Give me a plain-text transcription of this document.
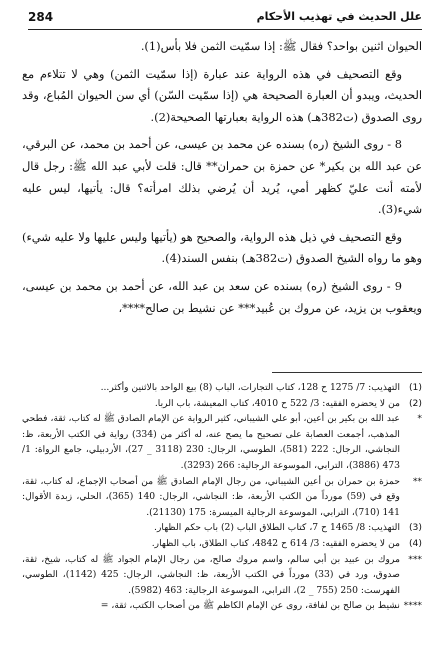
284	علل الحديث في تهذيب الأحكام

الحيوان اثنين بواحد؟ فقال ﷺ: إذا سمّيت الثمن فلا بأس(1).

وقع التصحيف في هذه الرواية عند عبارة (إذا سمّيت الثمن) وهي لا تتلاءم مع الحديث، ويبدو أن العبارة الصحيحة هي (إذا سمّيت السّن) أي سن الحيوان المُباع، وقد روى الصدوق (ت382هـ) هذه الرواية بعبارتها الصحيحة(2).

8 - روى الشيخ (ره) بسنده عن محمد بن عيسى، عن أحمد بن محمد، عن البرقي، عن عبد الله بن بكير* عن حمزة بن حمران** قال: قلت لأبي عبد الله ﷺ: رجل قال لأمته أنت عليّ كظهر أمي، يُريد أن يُرضي بذلك امرأته؟ قال: يأتيها، ليس عليه شيء(3).

وقع التصحيف في ذيل هذه الرواية، والصحيح هو (يأتيها وليس عليها ولا عليه شيء) وهو ما رواه الشيخ الصدوق (ت382هـ) بنفس السند(4).

9 - روى الشيخ (ره) بسنده عن سعد بن عبد الله، عن أحمد بن محمد بن عيسى، ويعقوب بن يزيد، عن مروك بن عُبيد*** عن نشيط بن صالح****،

(1)
التهذيب: 7/ 1275 ح 128، كتاب التجارات، الباب (8) بيع الواحد بالاثنين وأكثر...
(2)
من لا يحضره الفقيه: 3/ 522 ح 4010، كتاب المعيشة، باب الربا.
*
عبد الله بن بكير بن أعين، أبو علي الشيباني، كثير الرواية عن الإمام الصادق ﷺ له كتاب، ثقة، فطحي المذهب، أجمعت العصابة على تصحيح ما يصح عنه، له أكثر من (334) رواية في الكتب الأربعة، ظ: النجاشي، الرجال: 222 (581)، الطوسي، الرجال: 230 (3118 _ 27)، الأردبيلي، جامع الرواة: 1/ 473 (3886)، الترابي، الموسوعة الرجالية: 266 (3293).
**
حمزة بن حمران بن أعين الشيباني، من رجال الإمام الصادق ﷺ من أصحاب الإجماع، له كتاب، ثقة، وقع في (59) مورداً من الكتب الأربعة، ظ: النجاشي، الرجال: 140 (365)، الحلي، زبدة الأقوال: 141 (710)، الترابي، الموسوعة الرجالية الميسرة: 175 (21130).
(3)
التهذيب: 8/ 1465 ح 7، كتاب الطلاق الباب (2) باب حكم الظهار.
(4)
من لا يحضره الفقيه: 3/ 614 ح 4842، كتاب الطلاق، باب الظهار.
***
مروك بن عبيد بن أبي سالم، واسم مروك صالح، من رجال الإمام الجواد ﷺ له كتاب، شيخ، ثقة، صدوق، ورد في (33) مورداً في الكتب الأربعة، ظ: النجاشي، الرجال: 425 (1142)، الطوسي، الفهرست: 250 (755 _ 2)، الترابي، الموسوعة الرجالية: 463 (5982).
****
نشيط بن صالح بن لفافة، روى عن الإمام الكاظم ﷺ من أصحاب الكتب، ثقة، =
